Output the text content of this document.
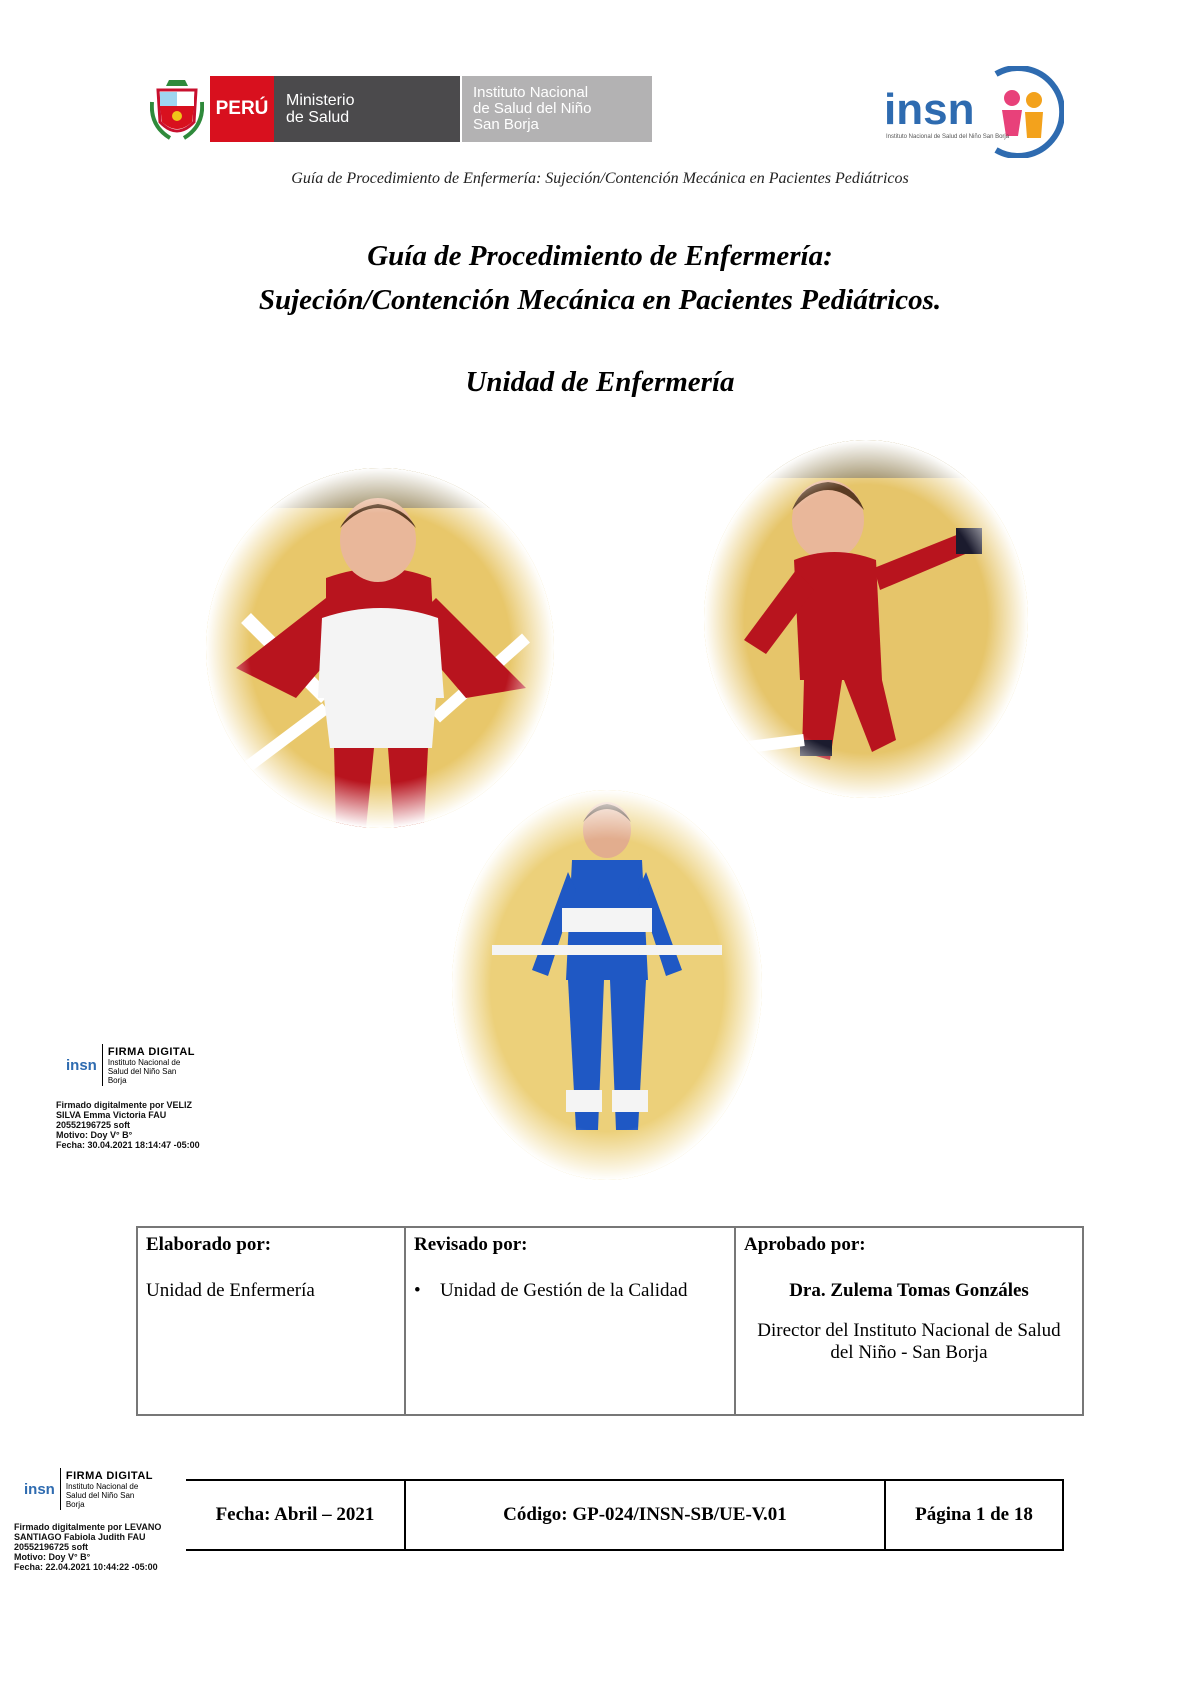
PERÚ	Ministerio
de Salud
Instituto Nacional
de Salud del Niño
San Borja	insn
Instituto Nacional de Salud del Niño San Borja
Guía de Procedimiento de Enfermería: Sujeción/Contención Mecánica en Pacientes Pediátricos
Guía de Procedimiento de Enfermería:
Sujeción/Contención Mecánica en Pacientes Pediátricos.
Unidad de Enfermería
insn
FIRMA DIGITAL
Instituto Nacional de Salud del Niño San Borja
Firmado digitalmente por VELIZ
SILVA Emma Victoria FAU
20552196725 soft
Motivo: Doy V° B°
Fecha: 30.04.2021 18:14:47 -05:00
Elaborado por:
Unidad de Enfermería	
Revisado por:
•	Unidad de Gestión de la Calidad

Aprobado por:
Dra. Zulema Tomas Gonzáles
Director del Instituto Nacional de Salud del Niño - San Borja
insn
FIRMA DIGITAL
Instituto Nacional de Salud del Niño San Borja
Firmado digitalmente por LEVANO
SANTIAGO Fabiola Judith FAU
20552196725 soft
Motivo: Doy V° B°
Fecha: 22.04.2021 10:44:22 -05:00
Fecha: Abril – 2021	Código: GP-024/INSN-SB/UE-V.01	Página 1 de 18
